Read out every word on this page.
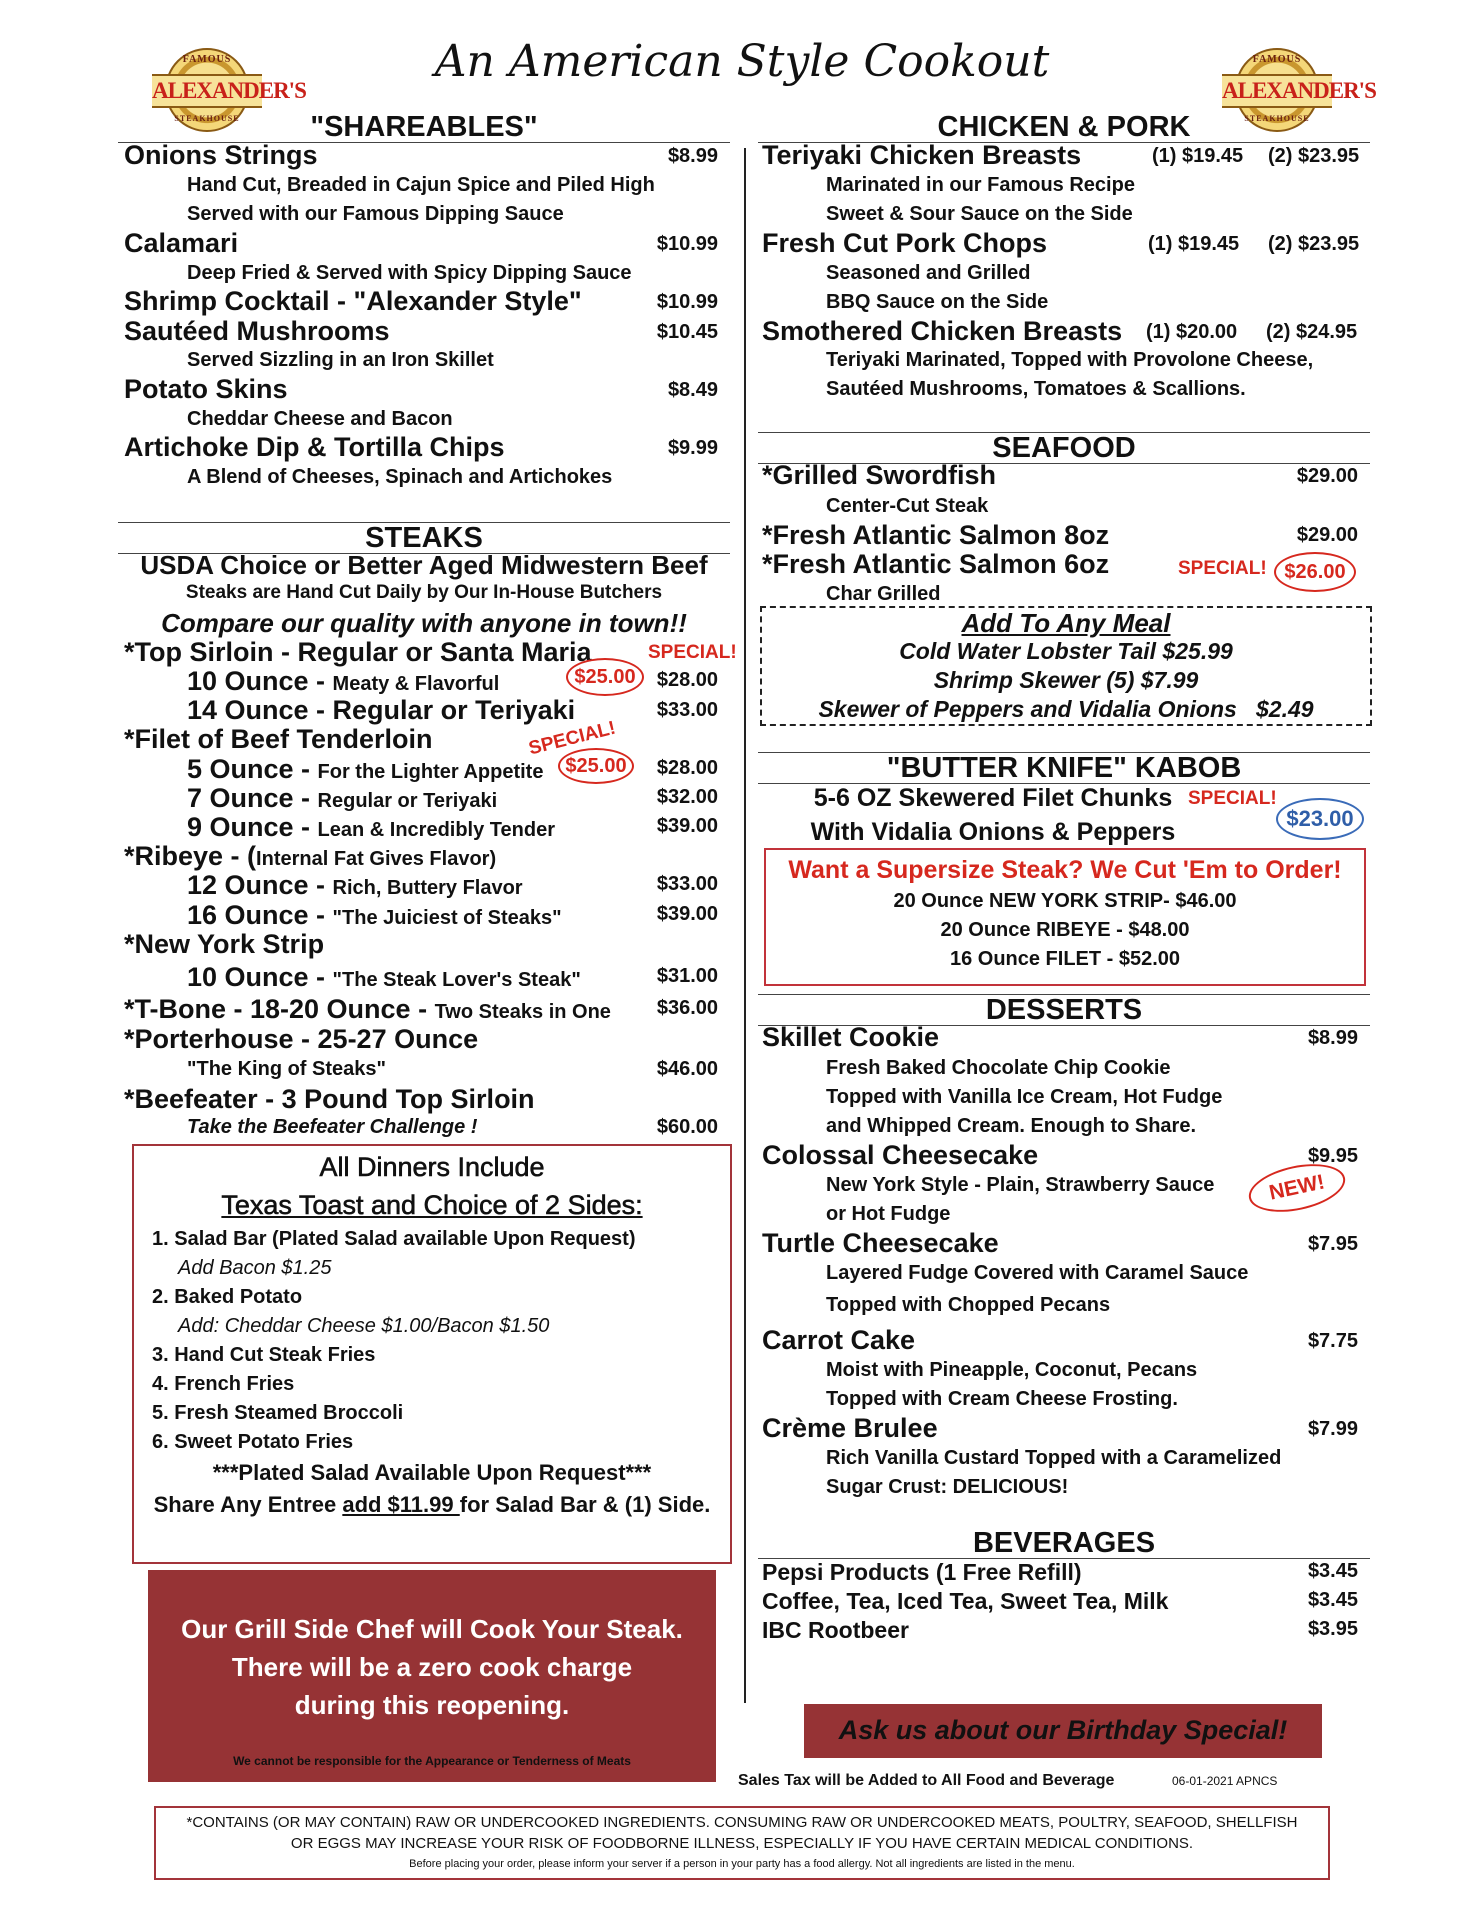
An American Style Cookout
FAMOUS
ALEXANDER'S
STEAKHOUSE
FAMOUS
ALEXANDER'S
STEAKHOUSE
"SHAREABLES"
Onions Strings	$8.99
Hand Cut, Breaded in Cajun Spice and Piled High
Served with our Famous Dipping Sauce
Calamari	$10.99
Deep Fried & Served with Spicy Dipping Sauce
Shrimp Cocktail - "Alexander Style"	$10.99
Sautéed Mushrooms	$10.45
Served Sizzling in an Iron Skillet
Potato Skins	$8.49
Cheddar Cheese and Bacon
Artichoke Dip & Tortilla Chips	$9.99
A Blend of Cheeses, Spinach and Artichokes
STEAKS
USDA Choice or Better Aged Midwestern Beef
Steaks are Hand Cut Daily by Our In-House Butchers
Compare our quality with anyone in town!!
*Top Sirloin - Regular or Santa Maria	SPECIAL!
10 Ounce - Meaty & Flavorful	$25.00	$28.00
14 Ounce - Regular or Teriyaki	$33.00
*Filet of Beef Tenderloin	SPECIAL!
5 Ounce - For the Lighter Appetite	$25.00	$28.00
7 Ounce - Regular or Teriyaki	$32.00
9 Ounce - Lean & Incredibly Tender	$39.00
*Ribeye - (Internal Fat Gives Flavor)
12 Ounce - Rich, Buttery Flavor	$33.00
16 Ounce - "The Juiciest of Steaks"	$39.00
*New York Strip
10 Ounce - "The Steak Lover's Steak"	$31.00
*T-Bone - 18-20 Ounce - Two Steaks in One	$36.00
*Porterhouse - 25-27 Ounce
"The King of Steaks"	$46.00
*Beefeater - 3 Pound Top Sirloin
Take the Beefeater Challenge !	$60.00
All Dinners Include
Texas Toast and Choice of 2 Sides:
1. Salad Bar (Plated Salad available Upon Request)
Add Bacon $1.25
2. Baked Potato
Add: Cheddar Cheese $1.00/Bacon $1.50
3. Hand Cut Steak Fries
4. French Fries
5. Fresh Steamed Broccoli
6. Sweet Potato Fries
***Plated Salad Available Upon Request***
Share Any Entree add $11.99 for Salad Bar & (1) Side.
Our Grill Side Chef will Cook Your Steak.
There will be a zero cook charge
during this reopening.
We cannot be responsible for the Appearance or Tenderness of Meats
CHICKEN & PORK
Teriyaki Chicken Breasts	(1) $19.45 (2) $23.95
Marinated in our Famous Recipe
Sweet & Sour Sauce on the Side
Fresh Cut Pork Chops	(1) $19.45 (2) $23.95
Seasoned and Grilled
BBQ Sauce on the Side
Smothered Chicken Breasts (1) $20.00 (2) $24.95
Teriyaki Marinated, Topped with Provolone Cheese,
Sautéed Mushrooms, Tomatoes & Scallions.
SEAFOOD
*Grilled Swordfish	$29.00
Center-Cut Steak
*Fresh Atlantic Salmon 8oz	$29.00
*Fresh Atlantic Salmon 6oz	SPECIAL! $26.00
Char Grilled
Add To Any Meal
Cold Water Lobster Tail $25.99
Shrimp Skewer (5) $7.99
Skewer of Peppers and Vidalia Onions   $2.49
"BUTTER KNIFE" KABOB
5-6 OZ Skewered Filet Chunks SPECIAL!
$23.00
With Vidalia Onions & Peppers
Want a Supersize Steak? We Cut 'Em to Order!
20 Ounce NEW YORK STRIP- $46.00
20 Ounce RIBEYE - $48.00
16 Ounce FILET - $52.00
DESSERTS
Skillet Cookie	$8.99
Fresh Baked Chocolate Chip Cookie
Topped with Vanilla Ice Cream, Hot Fudge
and Whipped Cream. Enough to Share.
Colossal Cheesecake	$9.95
New York Style - Plain, Strawberry Sauce
or Hot Fudge
NEW!
Turtle Cheesecake	$7.95
Layered Fudge Covered with Caramel Sauce
Topped with Chopped Pecans
Carrot Cake	$7.75
Moist with Pineapple, Coconut, Pecans
Topped with Cream Cheese Frosting.
Crème Brulee	$7.99
Rich Vanilla Custard Topped with a Caramelized
Sugar Crust: DELICIOUS!
BEVERAGES
Pepsi Products (1 Free Refill)	$3.45
Coffee, Tea, Iced Tea, Sweet Tea, Milk	$3.45
IBC Rootbeer	$3.95
Ask us about our Birthday Special!
Sales Tax will be Added to All Food and Beverage	06-01-2021 APNCS
*CONTAINS (OR MAY CONTAIN) RAW OR UNDERCOOKED INGREDIENTS. CONSUMING RAW OR UNDERCOOKED MEATS, POULTRY, SEAFOOD, SHELLFISH
OR EGGS MAY INCREASE YOUR RISK OF FOODBORNE ILLNESS, ESPECIALLY IF YOU HAVE CERTAIN MEDICAL CONDITIONS.
Before placing your order, please inform your server if a person in your party has a food allergy. Not all ingredients are listed in the menu.
